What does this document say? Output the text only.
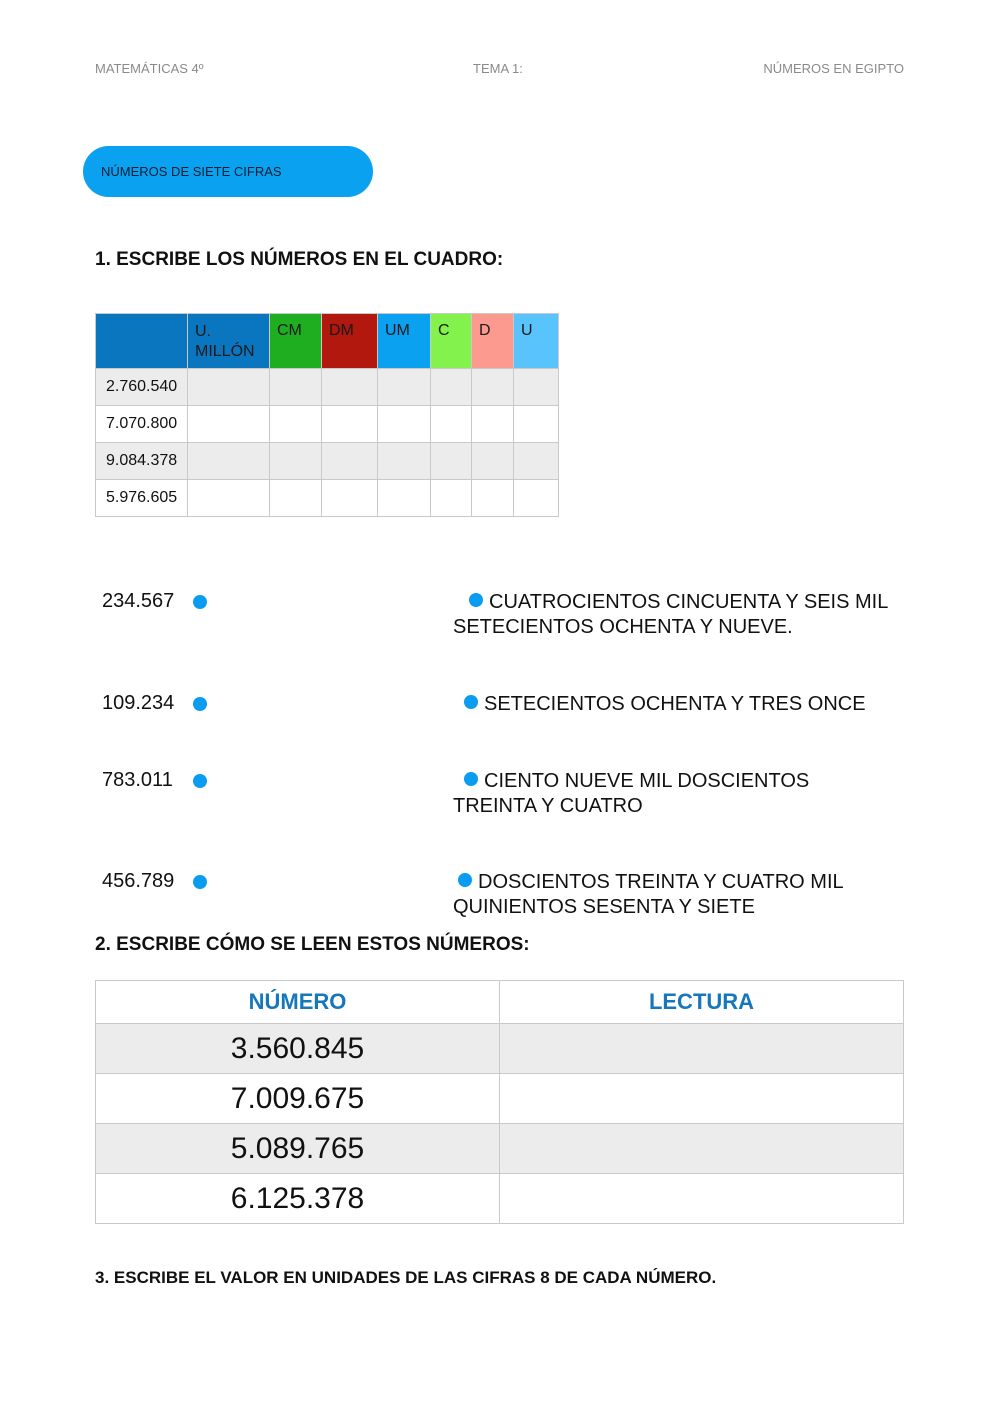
MATEMÁTICAS 4º	TEMA 1:	NÚMEROS EN EGIPTO
NÚMEROS DE SIETE CIFRAS
1. ESCRIBE LOS NÚMEROS EN EL CUADRO:
	U. MILLÓN	CM	DM	UM	C	D	U
2.760.540							
7.070.800							
9.084.378							
5.976.605							
234.567	CUATROCIENTOS CINCUENTA Y SEIS MIL SETECIENTOS OCHENTA Y NUEVE.
109.234	SETECIENTOS OCHENTA Y TRES ONCE
783.011	CIENTO NUEVE MIL DOSCIENTOS TREINTA Y CUATRO
456.789	DOSCIENTOS TREINTA Y CUATRO MIL QUINIENTOS SESENTA Y SIETE
2. ESCRIBE CÓMO SE LEEN ESTOS NÚMEROS:
NÚMERO	LECTURA
3.560.845	
7.009.675	
5.089.765	
6.125.378	
3. ESCRIBE EL VALOR EN UNIDADES DE LAS CIFRAS 8 DE CADA NÚMERO.
